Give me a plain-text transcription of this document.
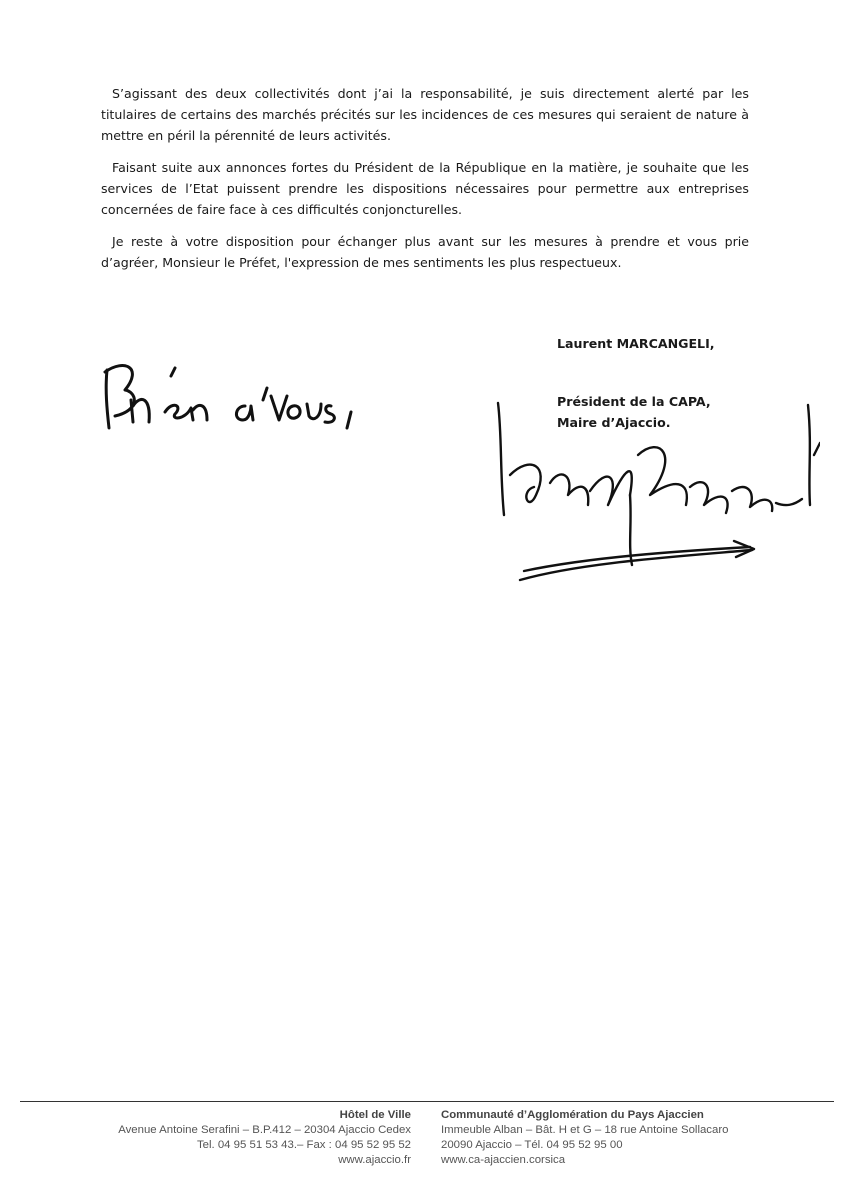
S’agissant des deux collectivités dont j’ai la responsabilité, je suis directement alerté par les titulaires de certains des marchés précités sur les incidences de ces mesures qui seraient de nature à mettre en péril la pérennité de leurs activités.

Faisant suite aux annonces fortes du Président de la République en la matière, je souhaite que les services de l’Etat puissent prendre les dispositions nécessaires pour permettre aux entreprises concernées de faire face à ces difficultés conjoncturelles.

Je reste à votre disposition pour échanger plus avant sur les mesures à prendre et vous prie d’agréer, Monsieur le Préfet, l'expression de mes sentiments les plus respectueux.

Laurent MARCANGELI,
Président de la CAPA,
Maire d’Ajaccio.
Hôtel de Ville
Avenue Antoine Serafini – B.P.412 – 20304 Ajaccio Cedex
Tel. 04 95 51 53 43.– Fax : 04 95 52 95 52
www.ajaccio.fr
Communauté d’Agglomération du Pays Ajaccien
Immeuble Alban – Bât. H et G – 18 rue Antoine Sollacaro
20090 Ajaccio – Tél. 04 95 52 95 00
www.ca-ajaccien.corsica
